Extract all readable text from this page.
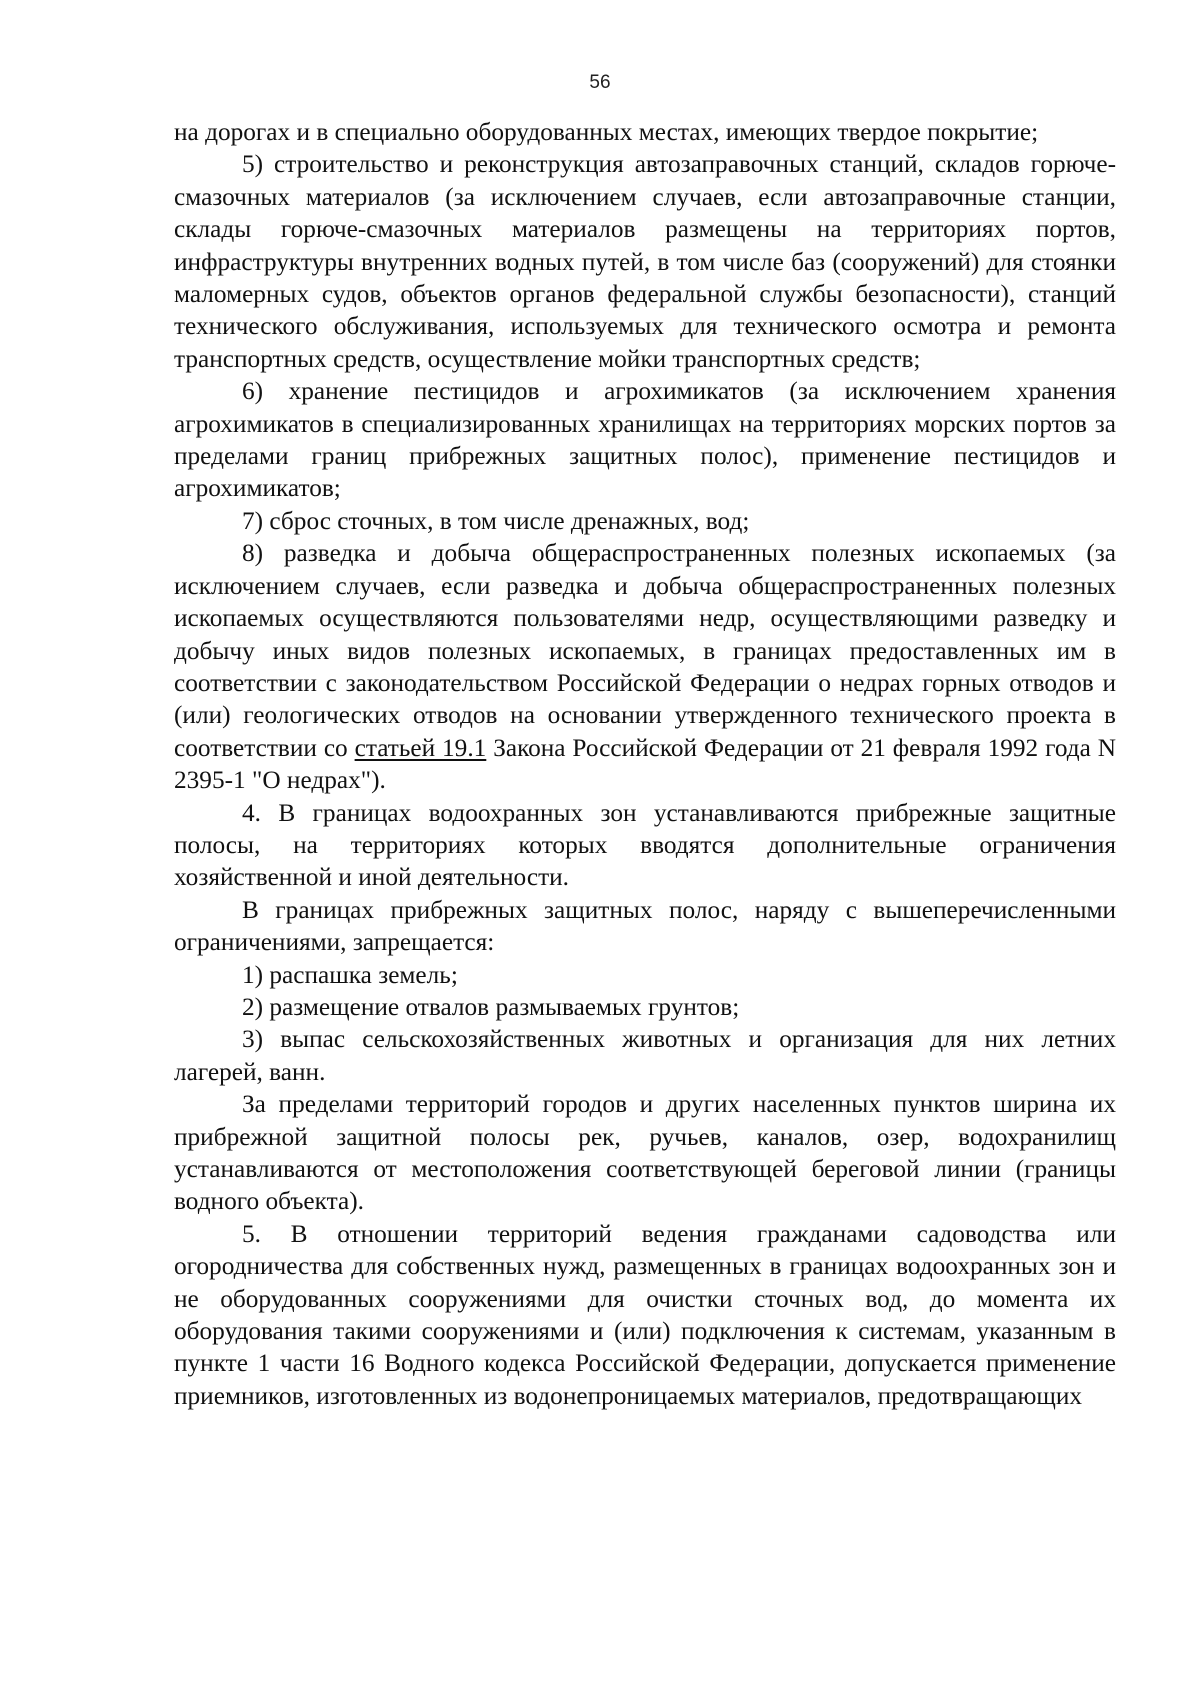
56

на дорогах и в специально оборудованных местах, имеющих твердое покрытие;

5) строительство и реконструкция автозаправочных станций, складов горюче-смазочных материалов (за исключением случаев, если автозаправочные станции, склады горюче-смазочных материалов размещены на территориях портов, инфраструктуры внутренних водных путей, в том числе баз (сооружений) для стоянки маломерных судов, объектов органов федеральной службы безопасности), станций технического обслуживания, используемых для технического осмотра и ремонта транспортных средств, осуществление мойки транспортных средств;

6) хранение пестицидов и агрохимикатов (за исключением хранения агрохимикатов в специализированных хранилищах на территориях морских портов за пределами границ прибрежных защитных полос), применение пестицидов и агрохимикатов;

7) сброс сточных, в том числе дренажных, вод;

8) разведка и добыча общераспространенных полезных ископаемых (за исключением случаев, если разведка и добыча общераспространенных полезных ископаемых осуществляются пользователями недр, осуществляющими разведку и добычу иных видов полезных ископаемых, в границах предоставленных им в соответствии с законодательством Российской Федерации о недрах горных отводов и (или) геологических отводов на основании утвержденного технического проекта в соответствии со статьей 19.1 Закона Российской Федерации от 21 февраля 1992 года N 2395-1 "О недрах").

4. В границах водоохранных зон устанавливаются прибрежные защитные полосы, на территориях которых вводятся дополнительные ограничения хозяйственной и иной деятельности.

В границах прибрежных защитных полос, наряду с вышеперечисленными ограничениями, запрещается:

1) распашка земель;

2) размещение отвалов размываемых грунтов;

3) выпас сельскохозяйственных животных и организация для них летних лагерей, ванн.

За пределами территорий городов и других населенных пунктов ширина их прибрежной защитной полосы рек, ручьев, каналов, озер, водохранилищ устанавливаются от местоположения соответствующей береговой линии (границы водного объекта).

5. В отношении территорий ведения гражданами садоводства или огородничества для собственных нужд, размещенных в границах водоохранных зон и не оборудованных сооружениями для очистки сточных вод, до момента их оборудования такими сооружениями и (или) подключения к системам, указанным в пункте 1 части 16 Водного кодекса Российской Федерации, допускается применение приемников, изготовленных из водонепроницаемых материалов, предотвращающих
